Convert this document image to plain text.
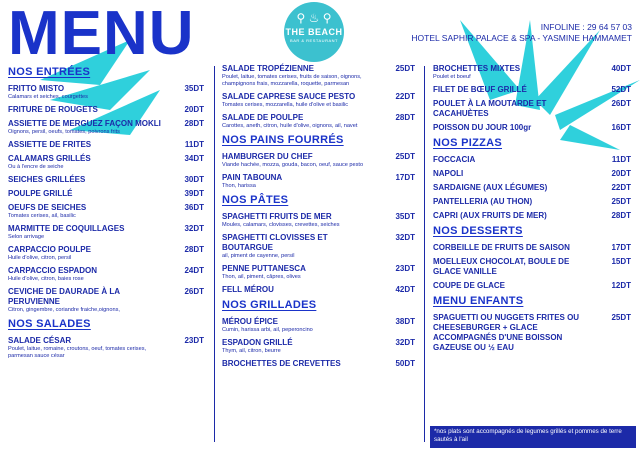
MENU	⚲ ♨ ⚲
THE BEACH
BAR & RESTAURANT
INFOLINE : 29 64 57 03
HOTEL SAPHIR PALACE & SPA - YASMINE HAMMAMET
NOS ENTRÉES
FRITTO MISTO
Calamars et seiches, courgettes
35DT
FRITURE DE ROUGETS	20DT
ASSIETTE DE MERGUEZ FAÇON MOKLI
Oignons, persil, oeufs, tomates, poivrons frits
28DT
ASSIETTE DE FRITES	11DT
CALAMARS GRILLÉS
Ou à l'encre de seiche
34DT
SEICHES GRILLÉES	30DT
POULPE GRILLÉ	39DT
OEUFS DE SEICHES
Tomates cerises, ail, basilic
36DT
MARMITTE DE COQUILLAGES
Selon arrivage
32DT
CARPACCIO POULPE
Huile d'olive, citron, persil
28DT
CARPACCIO ESPADON
Huile d'olive, citron, baies rose
24DT
CEVICHE DE DAURADE À LA PERUVIENNE
Citron, gingembre, coriandre fraiche,oignons,
26DT
NOS SALADES
SALADE CÉSAR
Poulet, laitue, romaine, croutons, oeuf, tomates cerises, parmesan sauce césar
23DT
SALADE TROPÉZIENNE
Poulet, laitue, tomates cerises, fruits de saison, oignons, champignons frais, mozzarella, roquette, parmesan
25DT
SALADE CAPRESE SAUCE PESTO
Tomates cerises, mozzarella, huile d'olive et basilic
22DT
SALADE DE POULPE
Carottes, aneth, citron, huile d'olive, oignons, ail, navet
28DT
NOS PAINS FOURRÉS
HAMBURGER DU CHEF
Viande hachée, mozza, gouda, bacon, oeuf, sauce pesto
25DT
PAIN TABOUNA
Thon, harissa
17DT
NOS PÂTES
SPAGHETTI FRUITS DE MER
Moules, calamars, clovisses, crevettes, seiches
35DT
SPAGHETTI CLOVISSES ET BOUTARGUE
ail, piment de cayenne, persil
32DT
PENNE PUTTANESCA
Thon, ail, piment, câpres, olives
23DT
FELL MÉROU	42DT
NOS GRILLADES
MÉROU ÉPICE
Cumin, harissa arbi, ail, peperoncino
38DT
ESPADON GRILLÉ
Thym, ail, citron, beurre
32DT
BROCHETTES DE CREVETTES	50DT
BROCHETTES MIXTES
Poulet et boeuf
40DT
FILET DE BŒUF GRILLÉ	52DT
POULET À LA MOUTARDE ET CACAHUÈTES
26DT
POISSON DU JOUR 100gr	16DT
NOS PIZZAS
FOCCACIA	11DT
NAPOLI	20DT
SARDAIGNE (AUX LÉGUMES)	22DT
PANTELLERIA (AU THON)	25DT
CAPRI (AUX FRUITS DE MER)	28DT
NOS DESSERTS
CORBEILLE DE FRUITS DE SAISON	17DT
MOELLEUX CHOCOLAT, BOULE DE GLACE VANILLE
15DT
COUPE DE GLACE	12DT
MENU ENFANTS
SPAGUETTI OU NUGGETS FRITES OU CHEESEBURGER + GLACE ACCOMPAGNÉS D'UNE BOISSON GAZEUSE OU ½ EAU
25DT
*nos plats sont accompagnés de legumes grillés et pommes de terre sautés à l'ail
